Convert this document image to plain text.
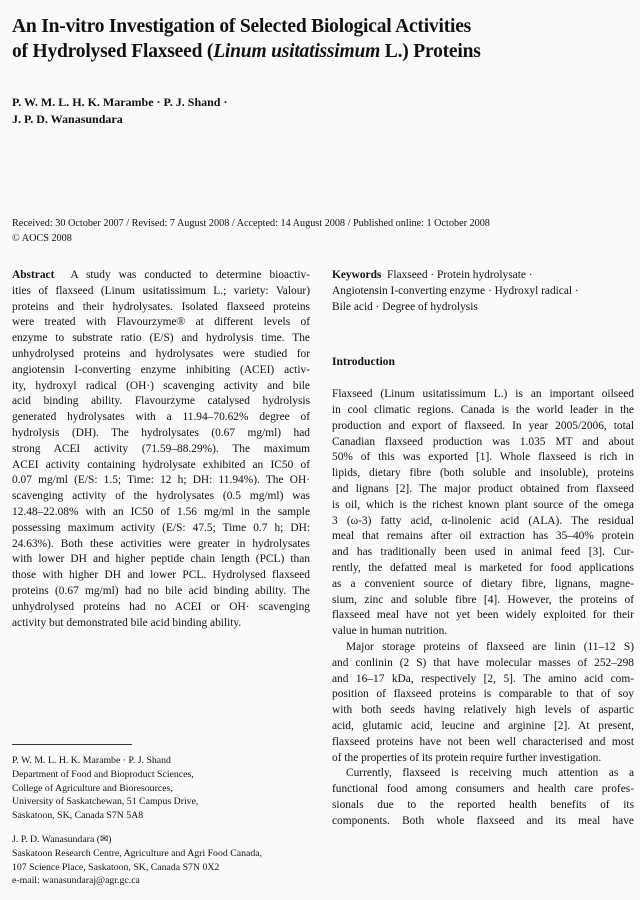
An In-vitro Investigation of Selected Biological Activities
of Hydrolysed Flaxseed (Linum usitatissimum L.) Proteins
P. W. M. L. H. K. Marambe · P. J. Shand ·
J. P. D. Wanasundara
Received: 30 October 2007 / Revised: 7 August 2008 / Accepted: 14 August 2008 / Published online: 1 October 2008
© AOCS 2008
Abstract  A study was conducted to determine bioactiv-
ities of flaxseed (Linum usitatissimum L.; variety: Valour)
proteins and their hydrolysates. Isolated flaxseed proteins
were treated with Flavourzyme® at different levels of
enzyme to substrate ratio (E/S) and hydrolysis time. The
unhydrolysed proteins and hydrolysates were studied for
angiotensin I-converting enzyme inhibiting (ACEI) activ-
ity, hydroxyl radical (OH·) scavenging activity and bile
acid binding ability. Flavourzyme catalysed hydrolysis
generated hydrolysates with a 11.94–70.62% degree of
hydrolysis (DH). The hydrolysates (0.67 mg/ml) had
strong ACEI activity (71.59–88.29%). The maximum
ACEI activity containing hydrolysate exhibited an IC50 of
0.07 mg/ml (E/S: 1.5; Time: 12 h; DH: 11.94%). The OH·
scavenging activity of the hydrolysates (0.5 mg/ml) was
12.48–22.08% with an IC50 of 1.56 mg/ml in the sample
possessing maximum activity (E/S: 47.5; Time 0.7 h; DH:
24.63%). Both these activities were greater in hydrolysates
with lower DH and higher peptide chain length (PCL) than
those with higher DH and lower PCL. Hydrolysed flaxseed
proteins (0.67 mg/ml) had no bile acid binding ability. The
unhydrolysed proteins had no ACEI or OH· scavenging
activity but demonstrated bile acid binding ability.
Keywords  Flaxseed · Protein hydrolysate ·
Angiotensin I-converting enzyme · Hydroxyl radical ·
Bile acid · Degree of hydrolysis
Introduction
Flaxseed (Linum usitatissimum L.) is an important oilseed
in cool climatic regions. Canada is the world leader in the
production and export of flaxseed. In year 2005/2006, total
Canadian flaxseed production was 1.035 MT and about
50% of this was exported [1]. Whole flaxseed is rich in
lipids, dietary fibre (both soluble and insoluble), proteins
and lignans [2]. The major product obtained from flaxseed
is oil, which is the richest known plant source of the omega
3 (ω-3) fatty acid, α-linolenic acid (ALA). The residual
meal that remains after oil extraction has 35–40% protein
and has traditionally been used in animal feed [3]. Cur-
rently, the defatted meal is marketed for food applications
as a convenient source of dietary fibre, lignans, magne-
sium, zinc and soluble fibre [4]. However, the proteins of
flaxseed meal have not yet been widely exploited for their
value in human nutrition.
Major storage proteins of flaxseed are linin (11–12 S)
and conlinin (2 S) that have molecular masses of 252–298
and 16–17 kDa, respectively [2, 5]. The amino acid com-
position of flaxseed proteins is comparable to that of soy
with both seeds having relatively high levels of aspartic
acid, glutamic acid, leucine and arginine [2]. At present,
flaxseed proteins have not been well characterised and most
of the properties of its protein require further investigation.
Currently, flaxseed is receiving much attention as a
functional food among consumers and health care profes-
sionals due to the reported health benefits of its
components. Both whole flaxseed and its meal have
P. W. M. L. H. K. Marambe · P. J. Shand
Department of Food and Bioproduct Sciences,
College of Agriculture and Bioresources,
University of Saskatchewan, 51 Campus Drive,
Saskatoon, SK, Canada S7N 5A8
J. P. D. Wanasundara (✉)
Saskatoon Research Centre, Agriculture and Agri Food Canada,
107 Science Place, Saskatoon, SK, Canada S7N 0X2
e-mail: wanasundaraj@agr.gc.ca
